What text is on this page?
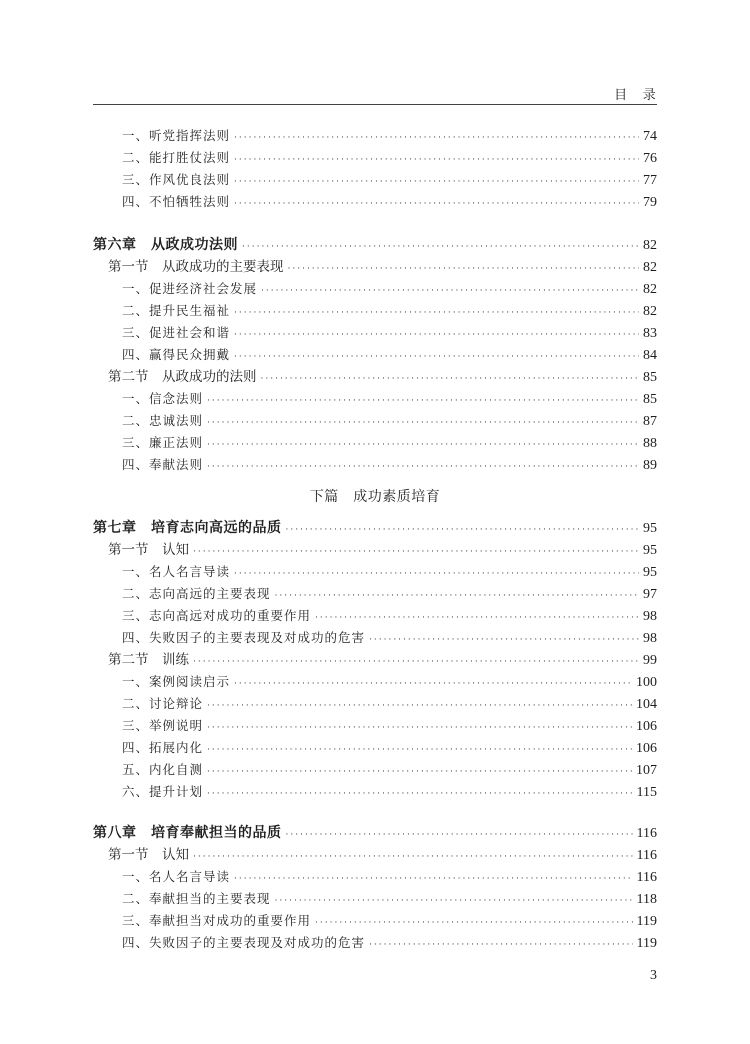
目　录
一、听党指挥法则 ·····	74
二、能打胜仗法则 ·····	76
三、作风优良法则 ·····	77
四、不怕牺牲法则 ·····	79
第六章　从政成功法则 ·····	82
第一节　从政成功的主要表现 ·····	82
一、促进经济社会发展 ·····	82
二、提升民生福祉 ·····	82
三、促进社会和谐 ·····	83
四、赢得民众拥戴 ·····	84
第二节　从政成功的法则 ·····	85
一、信念法则 ·····	85
二、忠诚法则 ·····	87
三、廉正法则 ·····	88
四、奉献法则 ·····	89
第七章　培育志向高远的品质 ·····	95
第一节　认知 ·····	95
一、名人名言导读 ·····	95
二、志向高远的主要表现 ·····	97
三、志向高远对成功的重要作用 ·····	98
四、失败因子的主要表现及对成功的危害 ·····	98
第二节　训练 ·····	99
一、案例阅读启示 ·····	100
二、讨论辩论 ·····	104
三、举例说明 ·····	106
四、拓展内化 ·····	106
五、内化自测 ·····	107
六、提升计划 ·····	115
第八章　培育奉献担当的品质 ·····	116
第一节　认知 ·····	116
一、名人名言导读 ·····	116
二、奉献担当的主要表现 ·····	118
三、奉献担当对成功的重要作用 ·····	119
四、失败因子的主要表现及对成功的危害 ·····	119
下篇　成功素质培育
3
